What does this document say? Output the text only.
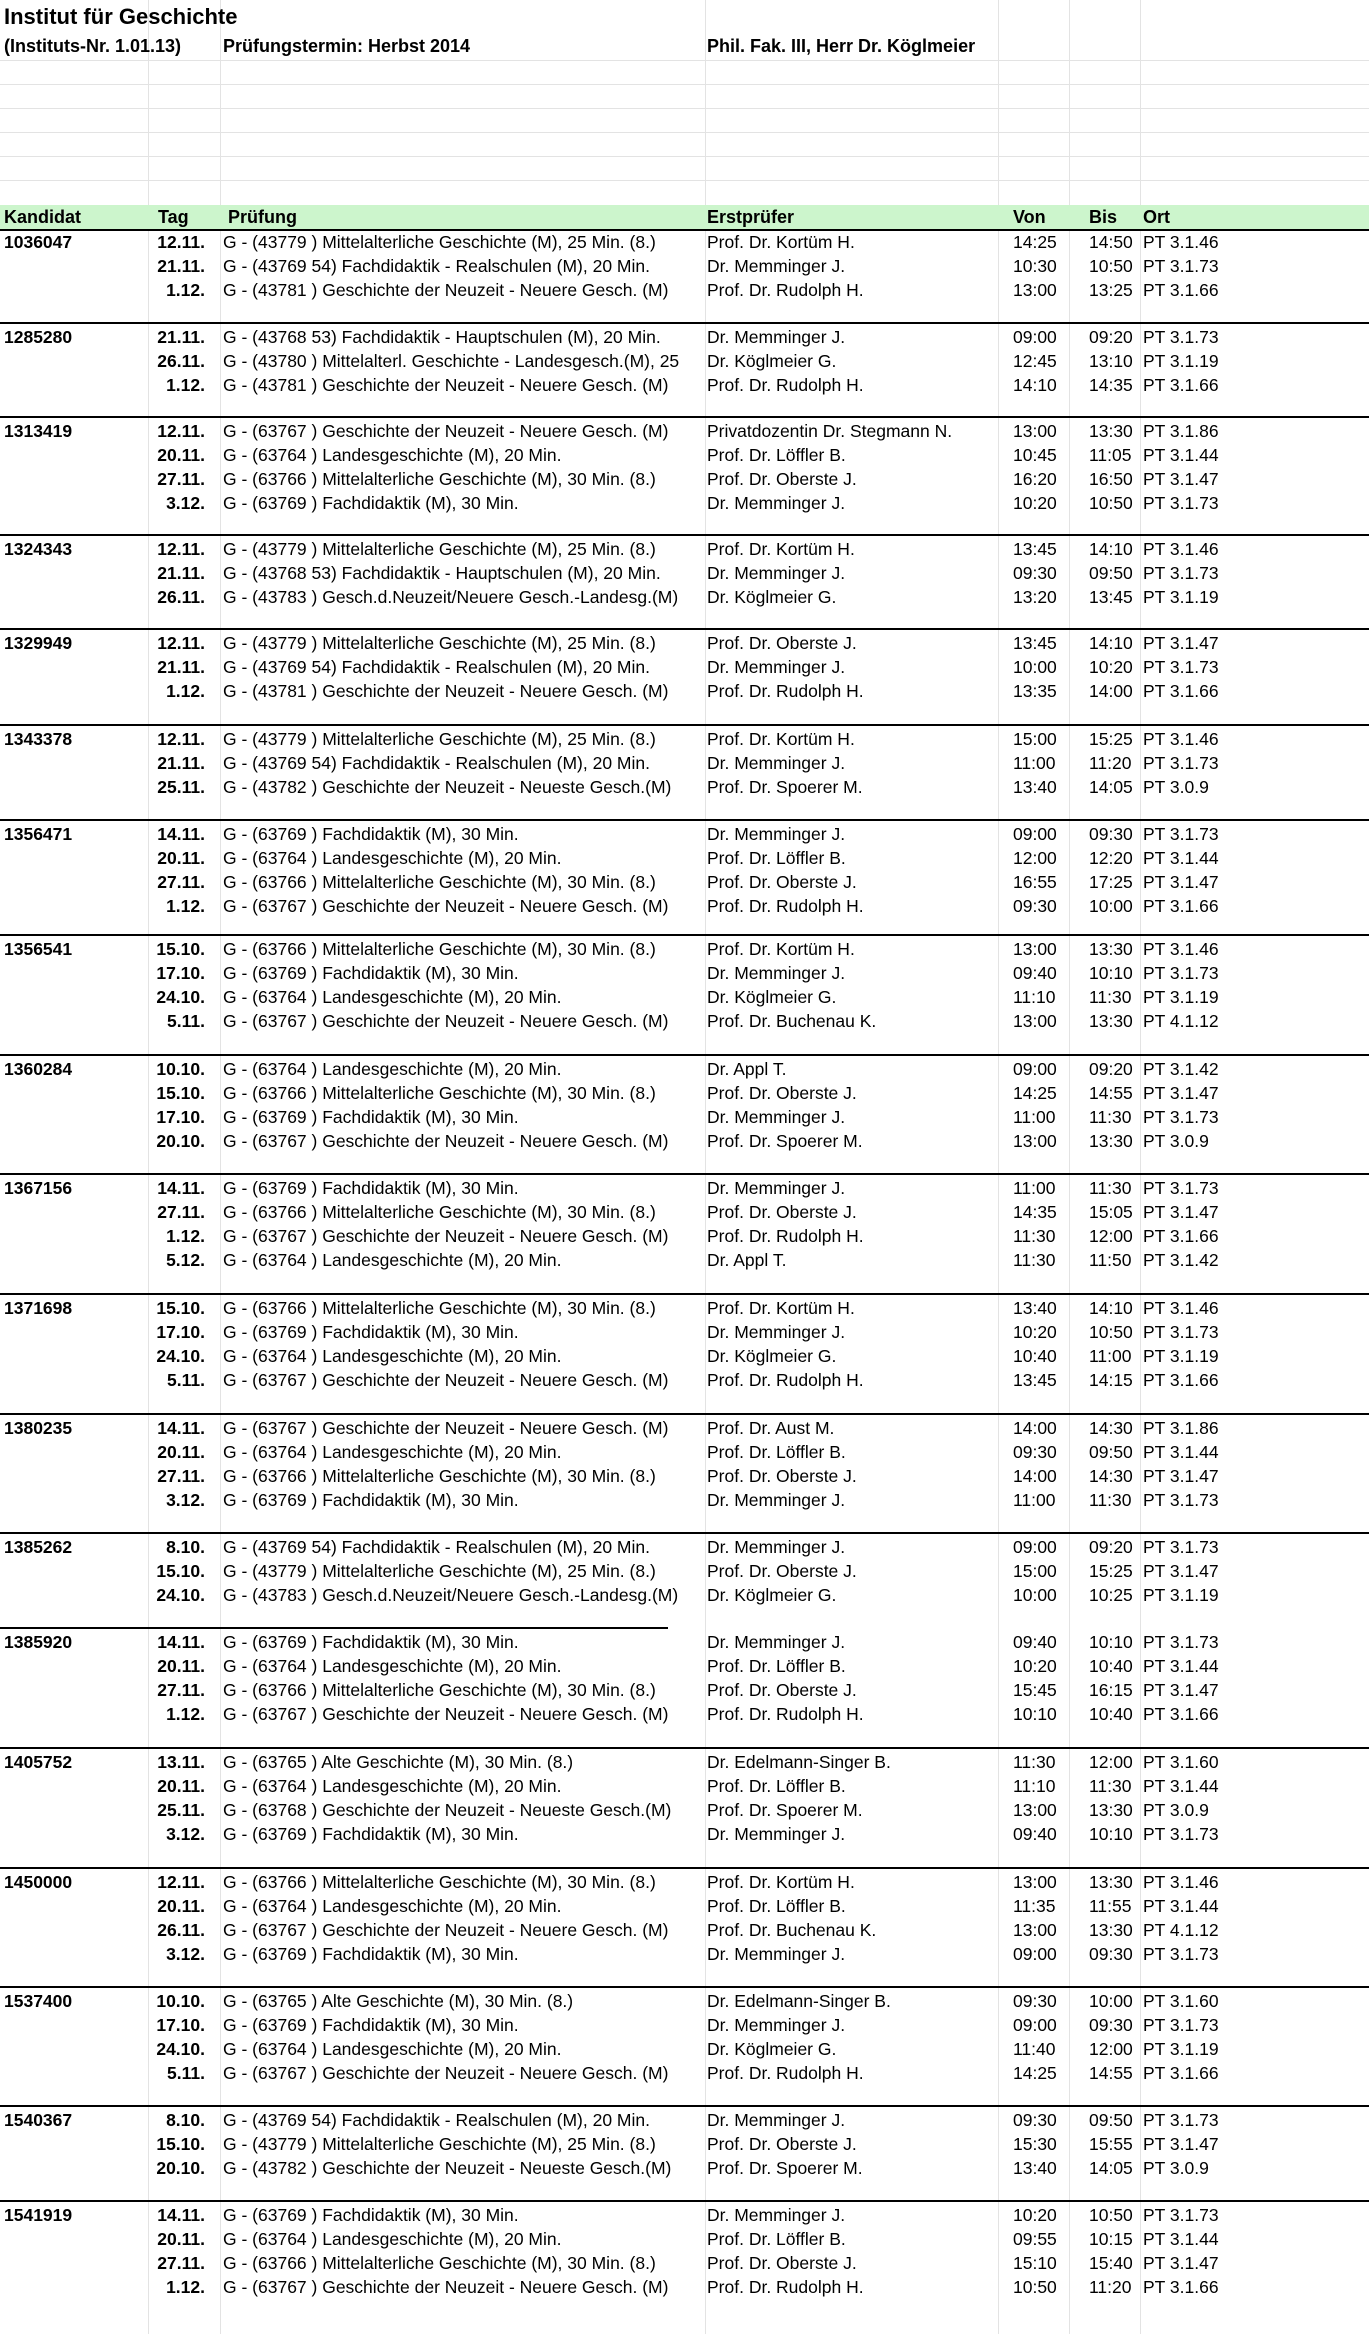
Institut für Geschichte
(Instituts-Nr. 1.01.13) Prüfungstermin: Herbst 2014	Phil. Fak. III, Herr Dr. Köglmeier
Kandidat	Tag Prüfung	Erstprüfer	Von Bis Ort
1036047	12.11. G - (43779 ) Mittelalterliche Geschichte (M), 25 Min. (8.)	Prof. Dr. Kortüm H.	14:25 14:50 PT 3.1.46
21.11. G - (43769 54) Fachdidaktik - Realschulen (M), 20 Min.	Dr. Memminger J.	10:30 10:50 PT 3.1.73
1.12. G - (43781 ) Geschichte der Neuzeit - Neuere Gesch. (M)	Prof. Dr. Rudolph H.	13:00 13:25 PT 3.1.66
1285280	21.11. G - (43768 53) Fachdidaktik - Hauptschulen (M), 20 Min.	Dr. Memminger J.	09:00 09:20 PT 3.1.73
26.11. G - (43780 ) Mittelalterl. Geschichte - Landesgesch.(M), 25	Dr. Köglmeier G.	12:45 13:10 PT 3.1.19
1.12. G - (43781 ) Geschichte der Neuzeit - Neuere Gesch. (M)	Prof. Dr. Rudolph H.	14:10 14:35 PT 3.1.66
1313419	12.11. G - (63767 ) Geschichte der Neuzeit - Neuere Gesch. (M)	Privatdozentin Dr. Stegmann N.	13:00 13:30 PT 3.1.86
20.11. G - (63764 ) Landesgeschichte (M), 20 Min.	Prof. Dr. Löffler B.	10:45 11:05 PT 3.1.44
27.11. G - (63766 ) Mittelalterliche Geschichte (M), 30 Min. (8.)	Prof. Dr. Oberste J.	16:20 16:50 PT 3.1.47
3.12. G - (63769 ) Fachdidaktik (M), 30 Min.	Dr. Memminger J.	10:20 10:50 PT 3.1.73
1324343	12.11. G - (43779 ) Mittelalterliche Geschichte (M), 25 Min. (8.)	Prof. Dr. Kortüm H.	13:45 14:10 PT 3.1.46
21.11. G - (43768 53) Fachdidaktik - Hauptschulen (M), 20 Min.	Dr. Memminger J.	09:30 09:50 PT 3.1.73
26.11. G - (43783 ) Gesch.d.Neuzeit/Neuere Gesch.-Landesg.(M)	Dr. Köglmeier G.	13:20 13:45 PT 3.1.19
1329949	12.11. G - (43779 ) Mittelalterliche Geschichte (M), 25 Min. (8.)	Prof. Dr. Oberste J.	13:45 14:10 PT 3.1.47
21.11. G - (43769 54) Fachdidaktik - Realschulen (M), 20 Min.	Dr. Memminger J.	10:00 10:20 PT 3.1.73
1.12. G - (43781 ) Geschichte der Neuzeit - Neuere Gesch. (M)	Prof. Dr. Rudolph H.	13:35 14:00 PT 3.1.66
1343378	12.11. G - (43779 ) Mittelalterliche Geschichte (M), 25 Min. (8.)	Prof. Dr. Kortüm H.	15:00 15:25 PT 3.1.46
21.11. G - (43769 54) Fachdidaktik - Realschulen (M), 20 Min.	Dr. Memminger J.	11:00 11:20 PT 3.1.73
25.11. G - (43782 ) Geschichte der Neuzeit - Neueste Gesch.(M)	Prof. Dr. Spoerer M.	13:40 14:05 PT 3.0.9
1356471	14.11. G - (63769 ) Fachdidaktik (M), 30 Min.	Dr. Memminger J.	09:00 09:30 PT 3.1.73
20.11. G - (63764 ) Landesgeschichte (M), 20 Min.	Prof. Dr. Löffler B.	12:00 12:20 PT 3.1.44
27.11. G - (63766 ) Mittelalterliche Geschichte (M), 30 Min. (8.)	Prof. Dr. Oberste J.	16:55 17:25 PT 3.1.47
1.12. G - (63767 ) Geschichte der Neuzeit - Neuere Gesch. (M)	Prof. Dr. Rudolph H.	09:30 10:00 PT 3.1.66
1356541	15.10. G - (63766 ) Mittelalterliche Geschichte (M), 30 Min. (8.)	Prof. Dr. Kortüm H.	13:00 13:30 PT 3.1.46
17.10. G - (63769 ) Fachdidaktik (M), 30 Min.	Dr. Memminger J.	09:40 10:10 PT 3.1.73
24.10. G - (63764 ) Landesgeschichte (M), 20 Min.	Dr. Köglmeier G.	11:10 11:30 PT 3.1.19
5.11. G - (63767 ) Geschichte der Neuzeit - Neuere Gesch. (M)	Prof. Dr. Buchenau K.	13:00 13:30 PT 4.1.12
1360284	10.10. G - (63764 ) Landesgeschichte (M), 20 Min.	Dr. Appl T.	09:00 09:20 PT 3.1.42
15.10. G - (63766 ) Mittelalterliche Geschichte (M), 30 Min. (8.)	Prof. Dr. Oberste J.	14:25 14:55 PT 3.1.47
17.10. G - (63769 ) Fachdidaktik (M), 30 Min.	Dr. Memminger J.	11:00 11:30 PT 3.1.73
20.10. G - (63767 ) Geschichte der Neuzeit - Neuere Gesch. (M)	Prof. Dr. Spoerer M.	13:00 13:30 PT 3.0.9
1367156	14.11. G - (63769 ) Fachdidaktik (M), 30 Min.	Dr. Memminger J.	11:00 11:30 PT 3.1.73
27.11. G - (63766 ) Mittelalterliche Geschichte (M), 30 Min. (8.)	Prof. Dr. Oberste J.	14:35 15:05 PT 3.1.47
1.12. G - (63767 ) Geschichte der Neuzeit - Neuere Gesch. (M)	Prof. Dr. Rudolph H.	11:30 12:00 PT 3.1.66
5.12. G - (63764 ) Landesgeschichte (M), 20 Min.	Dr. Appl T.	11:30 11:50 PT 3.1.42
1371698	15.10. G - (63766 ) Mittelalterliche Geschichte (M), 30 Min. (8.)	Prof. Dr. Kortüm H.	13:40 14:10 PT 3.1.46
17.10. G - (63769 ) Fachdidaktik (M), 30 Min.	Dr. Memminger J.	10:20 10:50 PT 3.1.73
24.10. G - (63764 ) Landesgeschichte (M), 20 Min.	Dr. Köglmeier G.	10:40 11:00 PT 3.1.19
5.11. G - (63767 ) Geschichte der Neuzeit - Neuere Gesch. (M)	Prof. Dr. Rudolph H.	13:45 14:15 PT 3.1.66
1380235	14.11. G - (63767 ) Geschichte der Neuzeit - Neuere Gesch. (M)	Prof. Dr. Aust M.	14:00 14:30 PT 3.1.86
20.11. G - (63764 ) Landesgeschichte (M), 20 Min.	Prof. Dr. Löffler B.	09:30 09:50 PT 3.1.44
27.11. G - (63766 ) Mittelalterliche Geschichte (M), 30 Min. (8.)	Prof. Dr. Oberste J.	14:00 14:30 PT 3.1.47
3.12. G - (63769 ) Fachdidaktik (M), 30 Min.	Dr. Memminger J.	11:00 11:30 PT 3.1.73
1385262	8.10. G - (43769 54) Fachdidaktik - Realschulen (M), 20 Min.	Dr. Memminger J.	09:00 09:20 PT 3.1.73
15.10. G - (43779 ) Mittelalterliche Geschichte (M), 25 Min. (8.)	Prof. Dr. Oberste J.	15:00 15:25 PT 3.1.47
24.10. G - (43783 ) Gesch.d.Neuzeit/Neuere Gesch.-Landesg.(M)	Dr. Köglmeier G.	10:00 10:25 PT 3.1.19
1385920	14.11. G - (63769 ) Fachdidaktik (M), 30 Min.	Dr. Memminger J.	09:40 10:10 PT 3.1.73
20.11. G - (63764 ) Landesgeschichte (M), 20 Min.	Prof. Dr. Löffler B.	10:20 10:40 PT 3.1.44
27.11. G - (63766 ) Mittelalterliche Geschichte (M), 30 Min. (8.)	Prof. Dr. Oberste J.	15:45 16:15 PT 3.1.47
1.12. G - (63767 ) Geschichte der Neuzeit - Neuere Gesch. (M)	Prof. Dr. Rudolph H.	10:10 10:40 PT 3.1.66
1405752	13.11. G - (63765 ) Alte Geschichte (M), 30 Min. (8.)	Dr. Edelmann-Singer B.	11:30 12:00 PT 3.1.60
20.11. G - (63764 ) Landesgeschichte (M), 20 Min.	Prof. Dr. Löffler B.	11:10 11:30 PT 3.1.44
25.11. G - (63768 ) Geschichte der Neuzeit - Neueste Gesch.(M)	Prof. Dr. Spoerer M.	13:00 13:30 PT 3.0.9
3.12. G - (63769 ) Fachdidaktik (M), 30 Min.	Dr. Memminger J.	09:40 10:10 PT 3.1.73
1450000	12.11. G - (63766 ) Mittelalterliche Geschichte (M), 30 Min. (8.)	Prof. Dr. Kortüm H.	13:00 13:30 PT 3.1.46
20.11. G - (63764 ) Landesgeschichte (M), 20 Min.	Prof. Dr. Löffler B.	11:35 11:55 PT 3.1.44
26.11. G - (63767 ) Geschichte der Neuzeit - Neuere Gesch. (M)	Prof. Dr. Buchenau K.	13:00 13:30 PT 4.1.12
3.12. G - (63769 ) Fachdidaktik (M), 30 Min.	Dr. Memminger J.	09:00 09:30 PT 3.1.73
1537400	10.10. G - (63765 ) Alte Geschichte (M), 30 Min. (8.)	Dr. Edelmann-Singer B.	09:30 10:00 PT 3.1.60
17.10. G - (63769 ) Fachdidaktik (M), 30 Min.	Dr. Memminger J.	09:00 09:30 PT 3.1.73
24.10. G - (63764 ) Landesgeschichte (M), 20 Min.	Dr. Köglmeier G.	11:40 12:00 PT 3.1.19
5.11. G - (63767 ) Geschichte der Neuzeit - Neuere Gesch. (M)	Prof. Dr. Rudolph H.	14:25 14:55 PT 3.1.66
1540367	8.10. G - (43769 54) Fachdidaktik - Realschulen (M), 20 Min.	Dr. Memminger J.	09:30 09:50 PT 3.1.73
15.10. G - (43779 ) Mittelalterliche Geschichte (M), 25 Min. (8.)	Prof. Dr. Oberste J.	15:30 15:55 PT 3.1.47
20.10. G - (43782 ) Geschichte der Neuzeit - Neueste Gesch.(M)	Prof. Dr. Spoerer M.	13:40 14:05 PT 3.0.9
1541919	14.11. G - (63769 ) Fachdidaktik (M), 30 Min.	Dr. Memminger J.	10:20 10:50 PT 3.1.73
20.11. G - (63764 ) Landesgeschichte (M), 20 Min.	Prof. Dr. Löffler B.	09:55 10:15 PT 3.1.44
27.11. G - (63766 ) Mittelalterliche Geschichte (M), 30 Min. (8.)	Prof. Dr. Oberste J.	15:10 15:40 PT 3.1.47
1.12. G - (63767 ) Geschichte der Neuzeit - Neuere Gesch. (M)	Prof. Dr. Rudolph H.	10:50 11:20 PT 3.1.66
